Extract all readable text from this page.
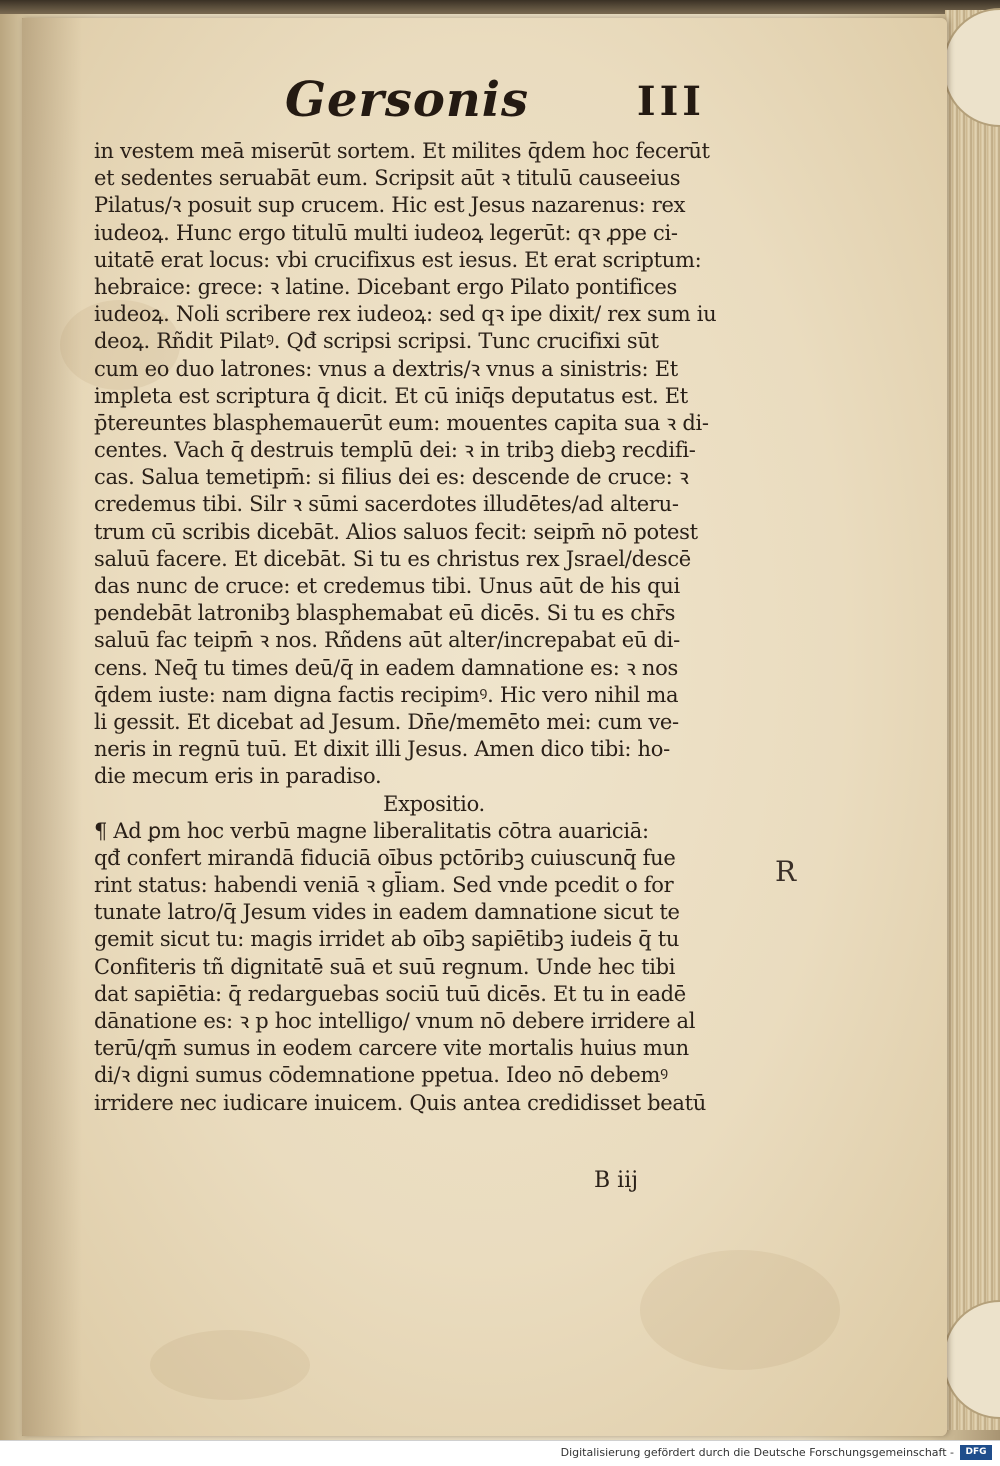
Gersonis	III
in vestem meā miserūt sortem. Et milites q̄dem hoc fecerūt
et sedentes seruabāt eum. Scripsit aūt ꝛ titulū causeeius
Pilatus/ꝛ posuit sup crucem. Hic est Jesus nazarenus: rex
iudeoꝝ. Hunc ergo titulū multi iudeoꝝ legerūt: qꝛ ꝓpe ci-
uitatē erat locus: vbi crucifixus est iesus. Et erat scriptum:
hebraice: grece: ꝛ latine. Dicebant ergo Pilato pontifices
iudeoꝝ. Noli scribere rex iudeoꝝ: sed qꝛ ipe dixit/ rex sum iu
deoꝝ. Rñdit Pilatꝰ. Qđ scripsi scripsi. Tunc crucifixi sūt
cum eo duo latrones: vnus a dextris/ꝛ vnus a sinistris: Et
impleta est scriptura q̄ dicit. Et cū iniq̄s deputatus est. Et
p̄tereuntes blasphemauerūt eum: mouentes capita sua ꝛ di-
centes. Vach q̄ destruis templū dei: ꝛ in tribꝫ diebꝫ recdifi-
cas. Salua temetipm̄: si filius dei es: descende de cruce: ꝛ
credemus tibi. Silr ꝛ sūmi sacerdotes illudētes/ad alteru-
trum cū scribis dicebāt. Alios saluos fecit: seipm̄ nō potest
saluū facere. Et dicebāt. Si tu es christus rex Jsrael/descē
das nunc de cruce: et credemus tibi. Unus aūt de his qui
pendebāt latronibꝫ blasphemabat eū dicēs. Si tu es chr̄s
saluū fac teipm̄ ꝛ nos. Rñdens aūt alter/increpabat eū di-
cens. Neq̄ tu times deū/q̄ in eadem damnatione es: ꝛ nos
q̄dem iuste: nam digna factis recipimꝰ. Hic vero nihil ma
li gessit. Et dicebat ad Jesum. Dn̄e/memēto mei: cum ve-
neris in regnū tuū. Et dixit illi Jesus. Amen dico tibi: ho-
die mecum eris in paradiso.
Expositio.
¶ Ad ꝑm hoc verbū magne liberalitatis cōtra auariciā:
qđ confert mirandā fiduciā oībus pctōribꝫ cuiuscunq̄ fue
rint status: habendi veniā ꝛ gl̄iam. Sed vnde pcedit o for
tunate latro/q̄ Jesum vides in eadem damnatione sicut te
gemit sicut tu: magis irridet ab oībꝫ sapiētibꝫ iudeis q̄ tu
Confiteris tñ dignitatē suā et suū regnum. Unde hec tibi
dat sapiētia: q̄ redarguebas sociū tuū dicēs. Et tu in eadē
dānatione es: ꝛ p hoc intelligo/ vnum nō debere irridere al
terū/qm̄ sumus in eodem carcere vite mortalis huius mun
di/ꝛ digni sumus cōdemnatione ppetua. Ideo nō debemꝰ
irridere nec iudicare inuicem. Quis antea credidisset beatū
R
B iij
Digitalisierung gefördert durch die Deutsche Forschungsgemeinschaft -	DFG
